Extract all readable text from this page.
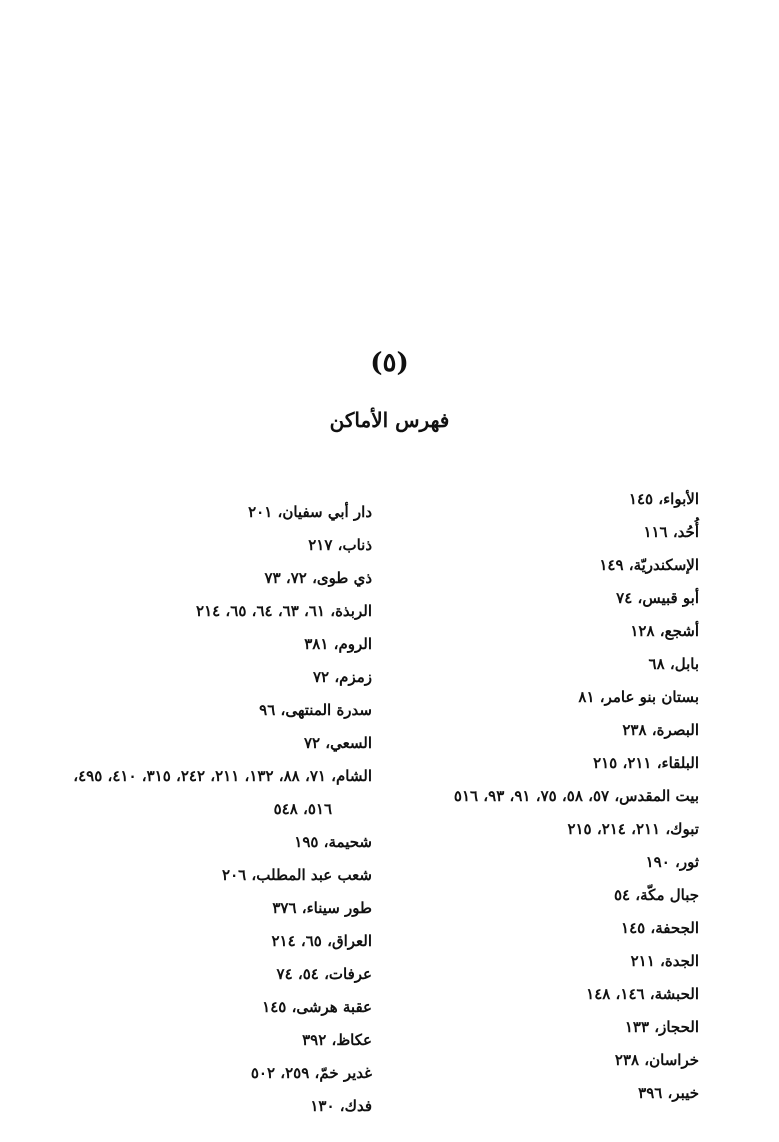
(٥)
فهرس الأماكن
الأبواء، ١٤٥
أُحُد، ١١٦
الإسكندريّة، ١٤٩
أبو قبيس، ٧٤
أشجع، ١٢٨
بابل، ٦٨
بستان بنو عامر، ٨١
البصرة، ٢٣٨
البلقاء، ٢١١، ٢١٥
بيت المقدس، ٥٧، ٥٨، ٧٥، ٩١، ٩٣، ٥١٦
تبوك، ٢١١، ٢١٤، ٢١٥
ثور، ١٩٠
جبال مكّة، ٥٤
الجحفة، ١٤٥
الجدة، ٢١١
الحبشة، ١٤٦، ١٤٨
الحجاز، ١٣٣
خراسان، ٢٣٨
خيبر، ٣٩٦
دار أبي سفيان، ٢٠١
ذناب، ٢١٧
ذي طوى، ٧٢، ٧٣
الربذة، ٦١، ٦٣، ٦٤، ٦٥، ٢١٤
الروم، ٣٨١
زمزم، ٧٢
سدرة المنتهى، ٩٦
السعي، ٧٢
الشام، ٧١، ٨٨، ١٣٢، ٢١١، ٢٤٢، ٣١٥، ٤١٠، ٤٩٥،
٥١٦، ٥٤٨
شحيمة، ١٩٥
شعب عبد المطلب، ٢٠٦
طور سيناء، ٣٧٦
العراق، ٦٥، ٢١٤
عرفات، ٥٤، ٧٤
عقبة هرشى، ١٤٥
عكاظ، ٣٩٢
غدير خمّ، ٢٥٩، ٥٠٢
فدك، ١٣٠
